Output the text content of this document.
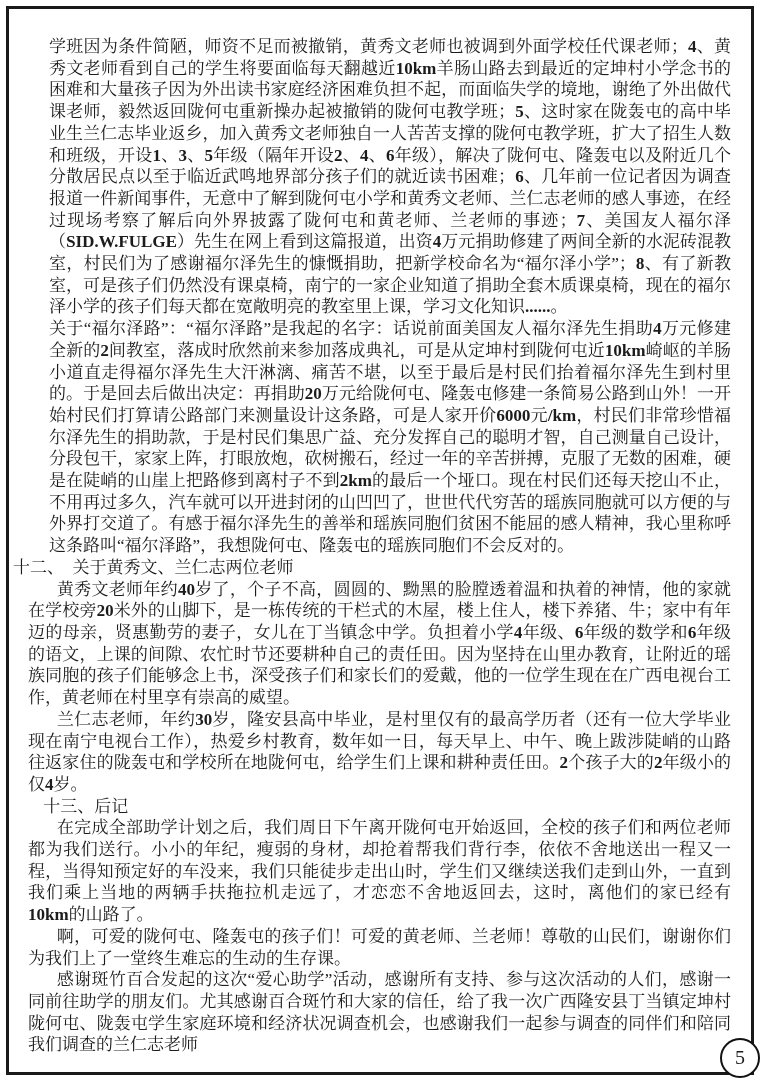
学班因为条件简陋，师资不足而被撤销，黄秀文老师也被调到外面学校任代课老师；4、黄秀文老师看到自己的学生将要面临每天翻越近10km羊肠山路去到最近的定坤村小学念书的困难和大量孩子因为外出读书家庭经济困难负担不起，而面临失学的境地，谢绝了外出做代课老师，毅然返回陇何屯重新操办起被撤销的陇何屯教学班；5、这时家在陇轰屯的高中毕业生兰仁志毕业返乡，加入黄秀文老师独自一人苦苦支撑的陇何屯教学班，扩大了招生人数和班级，开设1、3、5年级（隔年开设2、4、6年级），解决了陇何屯、隆轰屯以及附近几个分散居民点以至于临近武鸣地界部分孩子们的就近读书困难；6、几年前一位记者因为调查报道一件新闻事件，无意中了解到陇何屯小学和黄秀文老师、兰仁志老师的感人事迹，在经过现场考察了解后向外界披露了陇何屯和黄老师、兰老师的事迹；7、美国友人福尔泽（SID.W.FULGE）先生在网上看到这篇报道，出资4万元捐助修建了两间全新的水泥砖混教室，村民们为了感谢福尔泽先生的慷慨捐助，把新学校命名为“福尔泽小学”；8、有了新教室，可是孩子们仍然没有课桌椅，南宁的一家企业知道了捐助全套木质课桌椅，现在的福尔泽小学的孩子们每天都在宽敞明亮的教室里上课，学习文化知识......。

关于“福尔泽路”：“福尔泽路”是我起的名字：话说前面美国友人福尔泽先生捐助4万元修建全新的2间教室，落成时欣然前来参加落成典礼，可是从定坤村到陇何屯近10km崎岖的羊肠小道直走得福尔泽先生大汗淋漓、痛苦不堪，以至于最后是村民们抬着福尔泽先生到村里的。于是回去后做出决定：再捐助20万元给陇何屯、隆轰屯修建一条简易公路到山外！一开始村民们打算请公路部门来测量设计这条路，可是人家开价6000元/km，村民们非常珍惜福尔泽先生的捐助款，于是村民们集思广益、充分发挥自己的聪明才智，自己测量自己设计，分段包干，家家上阵，打眼放炮，砍树搬石，经过一年的辛苦拼搏，克服了无数的困难，硬是在陡峭的山崖上把路修到离村子不到2km的最后一个垭口。现在村民们还每天挖山不止，不用再过多久，汽车就可以开进封闭的山凹凹了，世世代代穷苦的瑶族同胞就可以方便的与外界打交道了。有感于福尔泽先生的善举和瑶族同胞们贫困不能屈的感人精神，我心里称呼这条路叫“福尔泽路”，我想陇何屯、隆轰屯的瑶族同胞们不会反对的。

十二、　关于黄秀文、兰仁志两位老师

黄秀文老师年约40岁了，个子不高，圆圆的、黝黑的脸膛透着温和执着的神情，他的家就在学校旁20米外的山脚下，是一栋传统的干栏式的木屋，楼上住人，楼下养猪、牛；家中有年迈的母亲，贤惠勤劳的妻子，女儿在丁当镇念中学。负担着小学4年级、6年级的数学和6年级的语文，上课的间隙、农忙时节还要耕种自己的责任田。因为坚持在山里办教育，让附近的瑶族同胞的孩子们能够念上书，深受孩子们和家长们的爱戴，他的一位学生现在在广西电视台工作，黄老师在村里享有崇高的威望。

兰仁志老师，年约30岁，隆安县高中毕业，是村里仅有的最高学历者（还有一位大学毕业现在南宁电视台工作），热爱乡村教育，数年如一日，每天早上、中午、晚上跋涉陡峭的山路往返家住的陇轰屯和学校所在地陇何屯，给学生们上课和耕种责任田。2个孩子大的2年级小的仅4岁。

十三、后记

在完成全部助学计划之后，我们周日下午离开陇何屯开始返回，全校的孩子们和两位老师都为我们送行。小小的年纪，瘦弱的身材，却抢着帮我们背行李，依依不舍地送出一程又一程，当得知预定好的车没来，我们只能徒步走出山时，学生们又继续送我们走到山外，一直到我们乘上当地的两辆手扶拖拉机走远了，才恋恋不舍地返回去，这时，离他们的家已经有10km的山路了。

啊，可爱的陇何屯、隆轰屯的孩子们！可爱的黄老师、兰老师！尊敬的山民们，谢谢你们为我们上了一堂终生难忘的生动的生存课。

感谢斑竹百合发起的这次“爱心助学”活动，感谢所有支持、参与这次活动的人们，感谢一同前往助学的朋友们。尤其感谢百合斑竹和大家的信任，给了我一次广西隆安县丁当镇定坤村陇何屯、陇轰屯学生家庭环境和经济状况调查机会，也感谢我们一起参与调查的同伴们和陪同我们调查的兰仁志老师

5
